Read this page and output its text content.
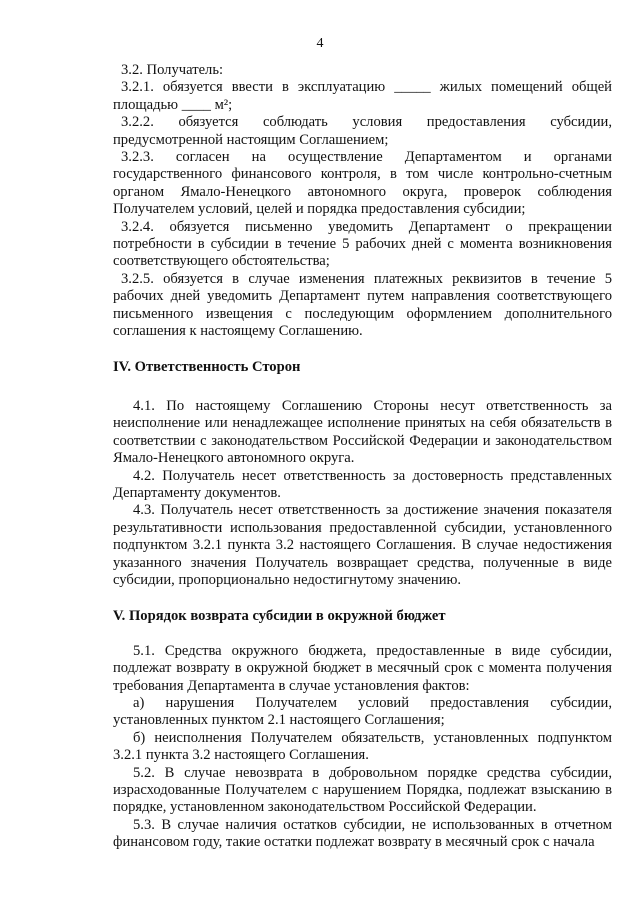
4

3.2. Получатель:

3.2.1. обязуется ввести в эксплуатацию _____ жилых помещений общей площадью ____ м²;

3.2.2. обязуется соблюдать условия предоставления субсидии, предусмотренной настоящим Соглашением;

3.2.3. согласен на осуществление Департаментом и органами государственного финансового контроля, в том числе контрольно-счетным органом Ямало-Ненецкого автономного округа, проверок соблюдения Получателем условий, целей и порядка предоставления субсидии;

3.2.4. обязуется письменно уведомить Департамент о прекращении потребности в субсидии в течение 5 рабочих дней с момента возникновения соответствующего обстоятельства;

3.2.5. обязуется в случае изменения платежных реквизитов в течение 5 рабочих дней уведомить Департамент путем направления соответствующего письменного извещения с последующим оформлением дополнительного соглашения к настоящему Соглашению.

IV. Ответственность Сторон

4.1. По настоящему Соглашению Стороны несут ответственность за неисполнение или ненадлежащее исполнение принятых на себя обязательств в соответствии с законодательством Российской Федерации и законодательством Ямало-Ненецкого автономного округа.

4.2. Получатель несет ответственность за достоверность представленных Департаменту документов.

4.3. Получатель несет ответственность за достижение значения показателя результативности использования предоставленной субсидии, установленного подпунктом 3.2.1 пункта 3.2 настоящего Соглашения. В случае недостижения указанного значения Получатель возвращает средства, полученные в виде субсидии, пропорционально недостигнутому значению.

V. Порядок возврата субсидии в окружной бюджет

5.1. Средства окружного бюджета, предоставленные в виде субсидии, подлежат возврату в окружной бюджет в месячный срок с момента получения требования Департамента в случае установления фактов:

а) нарушения Получателем условий предоставления субсидии, установленных пунктом 2.1 настоящего Соглашения;

б) неисполнения Получателем обязательств, установленных подпунктом 3.2.1 пункта 3.2 настоящего Соглашения.

5.2. В случае невозврата в добровольном порядке средства субсидии, израсходованные Получателем с нарушением Порядка, подлежат взысканию в порядке, установленном законодательством Российской Федерации.

5.3. В случае наличия остатков субсидии, не использованных в отчетном финансовом году, такие остатки подлежат возврату в месячный срок с начала
